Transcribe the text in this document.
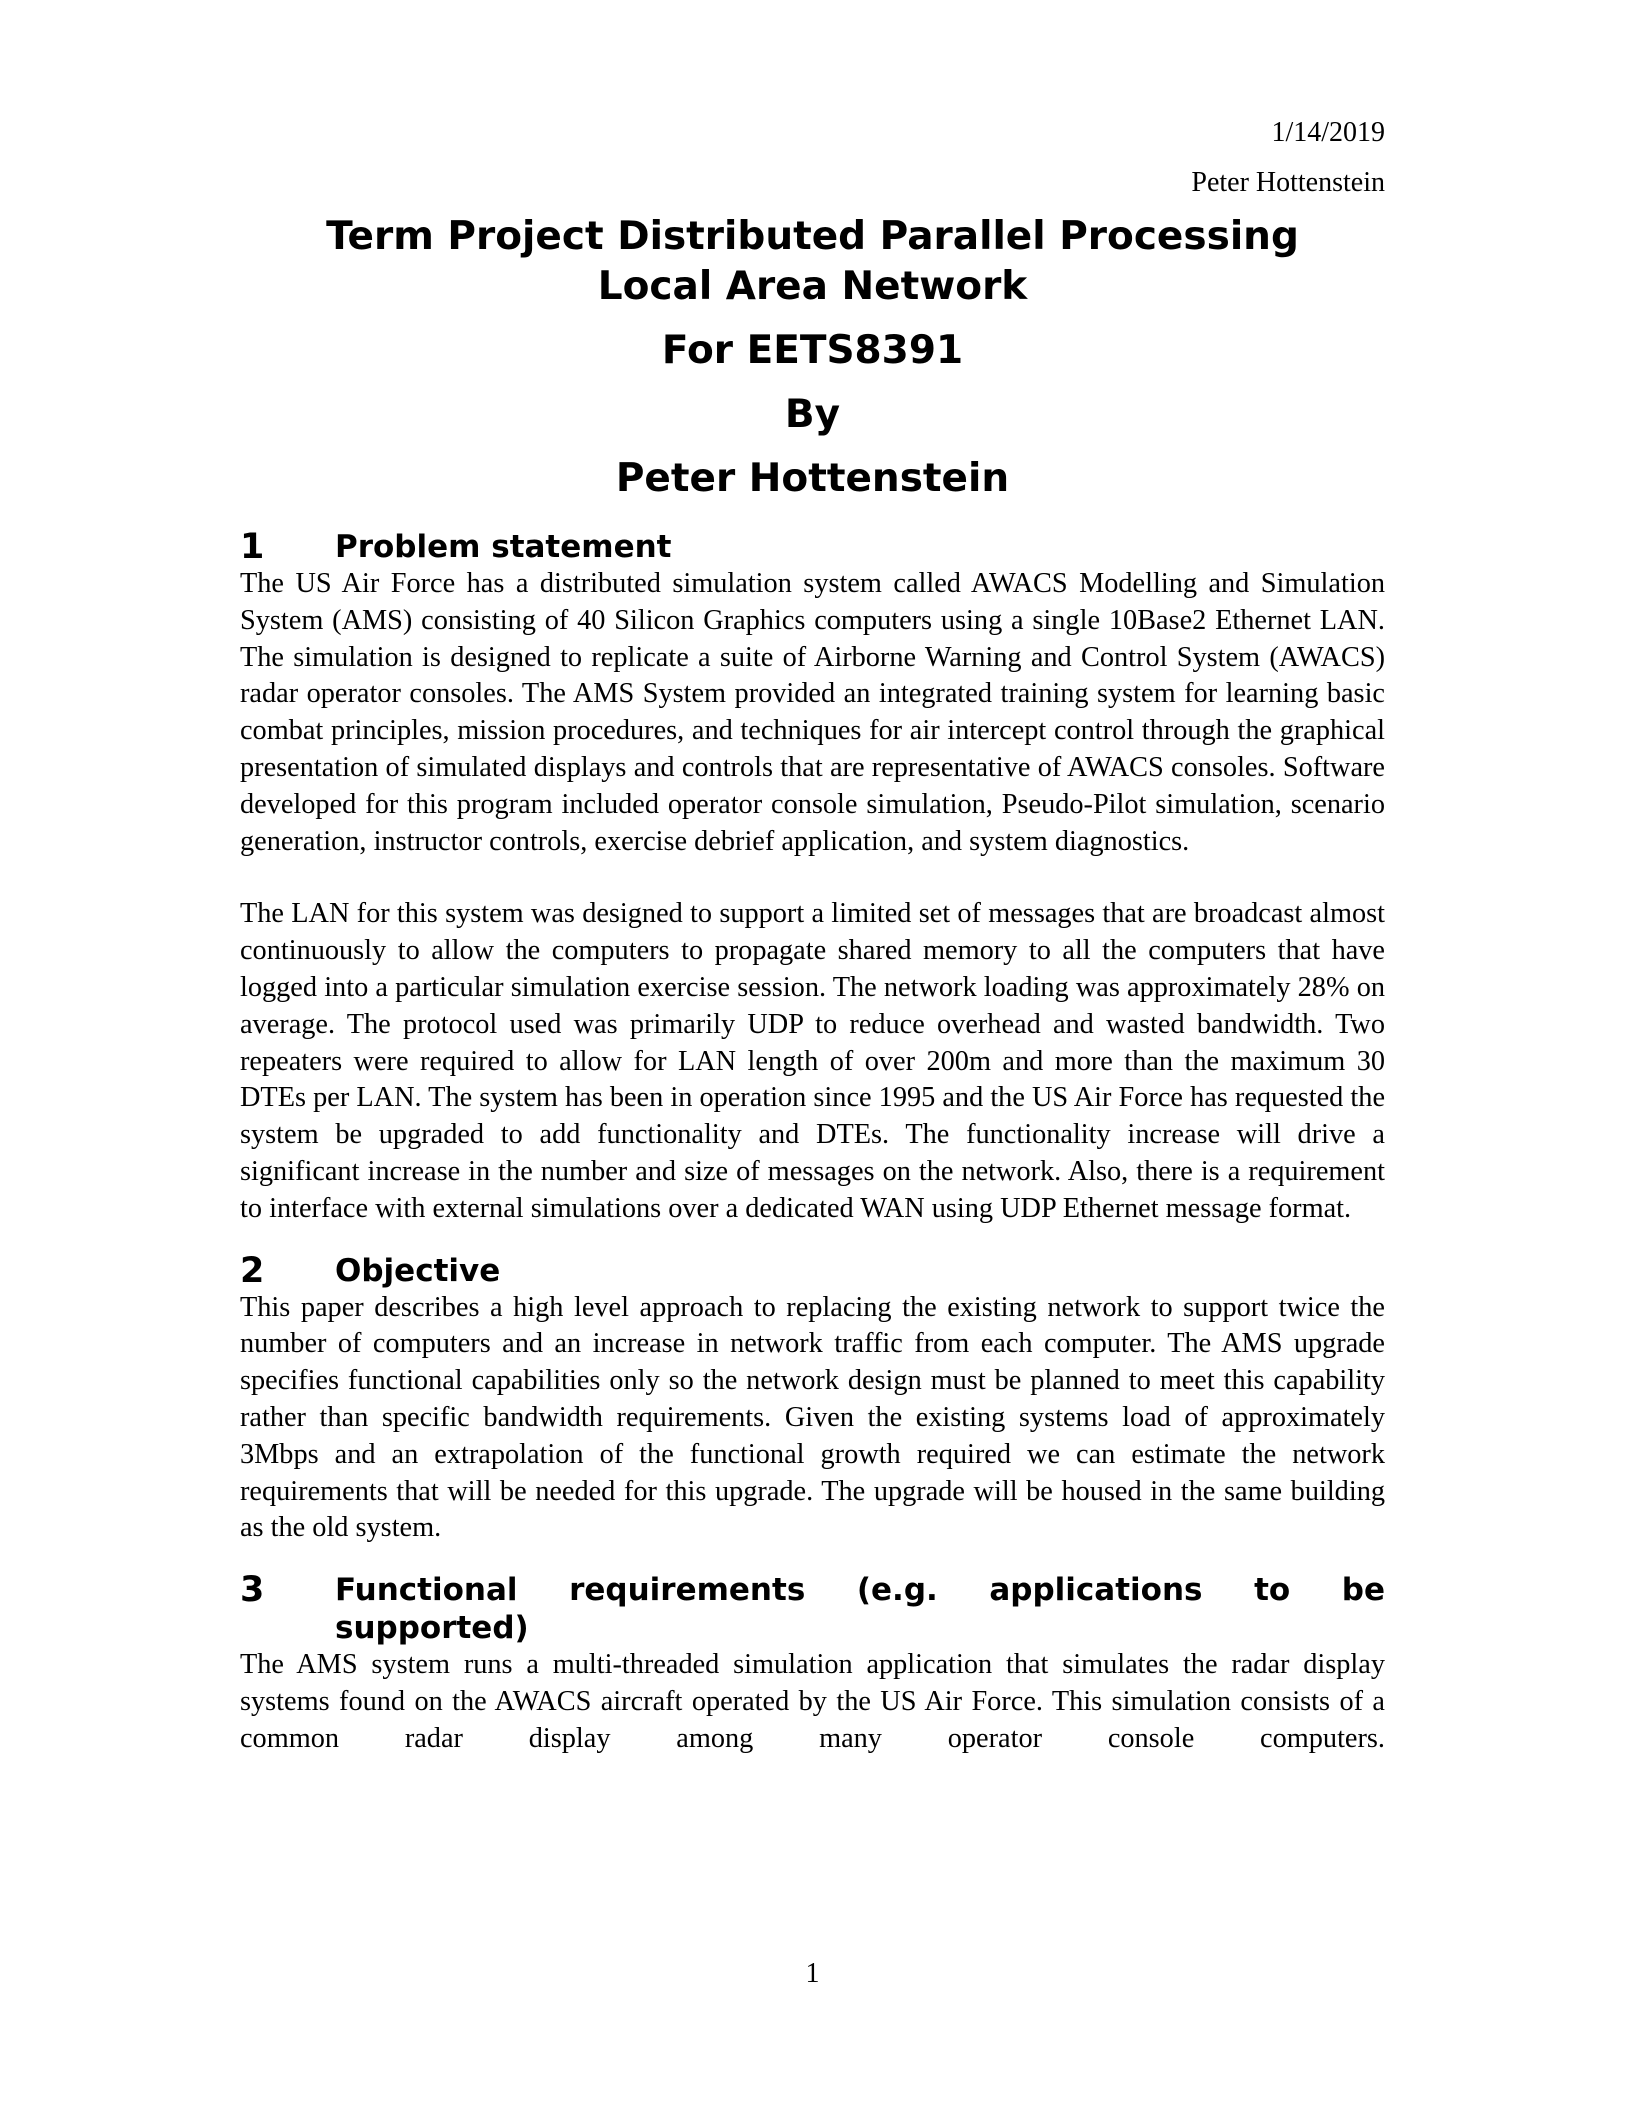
1/14/2019
Peter Hottenstein
Term Project Distributed Parallel Processing
Local Area Network
For EETS8391
By
Peter Hottenstein
1	Problem statement

The US Air Force has a distributed simulation system called AWACS Modelling and Simulation System (AMS) consisting of 40 Silicon Graphics computers using a single 10Base2 Ethernet LAN. The simulation is designed to replicate a suite of Airborne Warning and Control System (AWACS) radar operator consoles. The AMS System provided an integrated training system for learning basic combat principles, mission procedures, and techniques for air intercept control through the graphical presentation of simulated displays and controls that are representative of AWACS consoles. Software developed for this program included operator console simulation, Pseudo-Pilot simulation, scenario generation, instructor controls, exercise debrief application, and system diagnostics.

The LAN for this system was designed to support a limited set of messages that are broadcast almost continuously to allow the computers to propagate shared memory to all the computers that have logged into a particular simulation exercise session. The network loading was approximately 28% on average. The protocol used was primarily UDP to reduce overhead and wasted bandwidth. Two repeaters were required to allow for LAN length of over 200m and more than the maximum 30 DTEs per LAN. The system has been in operation since 1995 and the US Air Force has requested the system be upgraded to add functionality and DTEs. The functionality increase will drive a significant increase in the number and size of messages on the network. Also, there is a requirement to interface with external simulations over a dedicated WAN using UDP Ethernet message format.

2	Objective

This paper describes a high level approach to replacing the existing network to support twice the number of computers and an increase in network traffic from each computer. The AMS upgrade specifies functional capabilities only so the network design must be planned to meet this capability rather than specific bandwidth requirements. Given the existing systems load of approximately 3Mbps and an extrapolation of the functional growth required we can estimate the network requirements that will be needed for this upgrade. The upgrade will be housed in the same building as the old system.

3	Functional requirements (e.g. applications to be supported)

The AMS system runs a multi-threaded simulation application that simulates the radar display systems found on the AWACS aircraft operated by the US Air Force. This simulation consists of a common radar display among many operator console computers.

1
